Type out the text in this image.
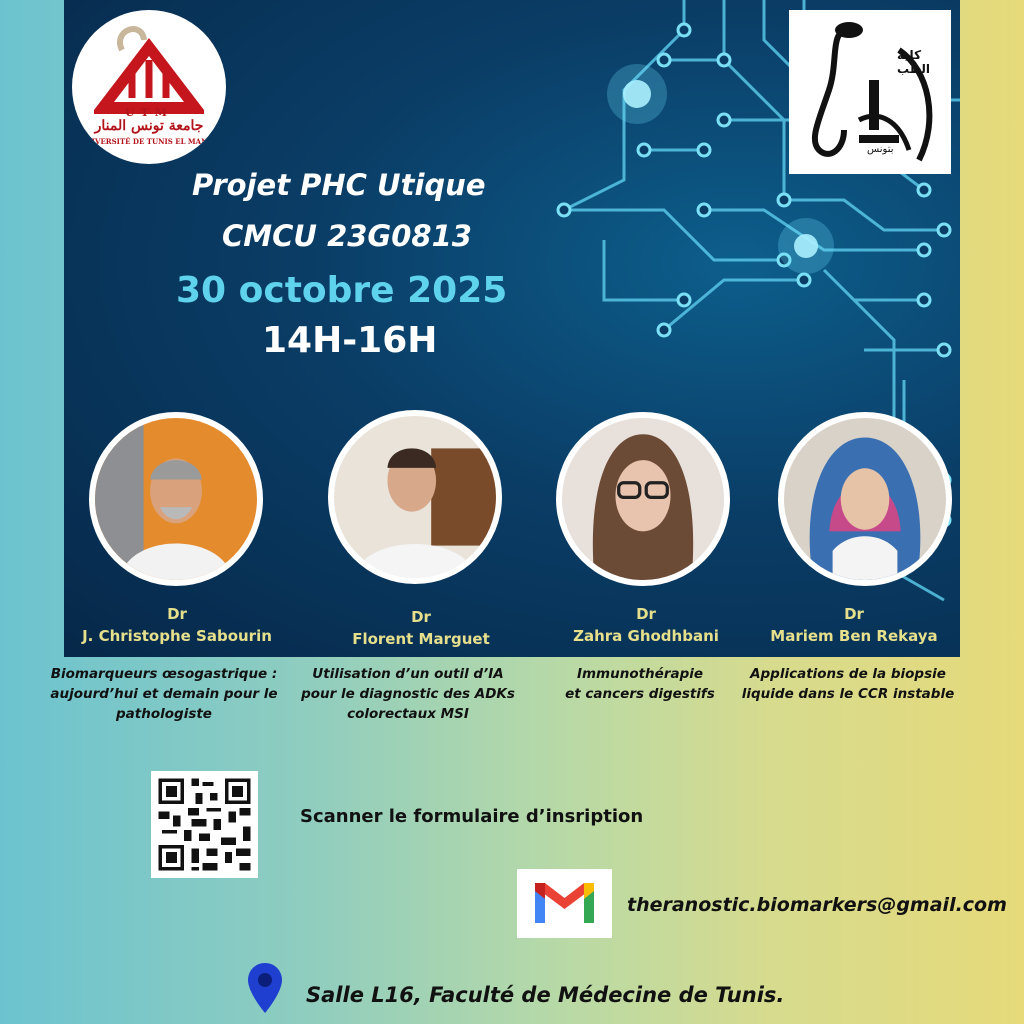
UTM
جامعة تونس المنار
UNIVERSITÉ DE TUNIS EL MANAR
كلية الطب
بتونس
Projet PHC Utique
CMCU 23G0813
30 octobre 2025
14H-16H
Dr
J. Christophe Sabourin
Dr
Florent Marguet
Dr
Zahra Ghodhbani
Dr
Mariem Ben Rekaya
Biomarqueurs œsogastrique :
aujourd’hui et demain pour le
pathologiste
Utilisation d’un outil d’IA
pour le diagnostic des ADKs
colorectaux MSI
Immunothérapie
et cancers digestifs
Applications de la biopsie
liquide dans le CCR instable
Scanner le formulaire d’insription
theranostic.biomarkers@gmail.com
Salle L16, Faculté de Médecine de Tunis.
